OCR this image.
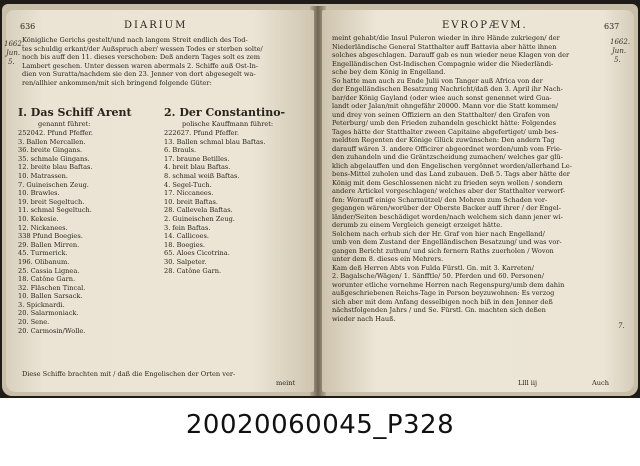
636	DIARIUM
Königliche Gerichs gestelt/und nach langem Streit endlich des Tod-
tes schuldig erkant/der Außspruch aber/ wessen Todes er sterben solte/
noch bis auff den 11. dieses verschoben: Deß andern Tages solt es zem
Lambert geschen. Unter dessen waren abermals 2. Schiffe auß Ost-In-
dien von Suratta/nachdem sie den 23. Jenner von dort abgesegelt wa-
ren/allhier ankommen/mit sich bringend folgende Güter:
I. Das Schiff Arent	2. Der Constantino-
genannt führet:	polische Kauffmann führet:
252042. Pfund Pfeffer.
3. Ballen Mercallen.
36. breite Gingans.
35. schmale Gingans.
12. breite blau Baftas.
10. Matrassen.
7. Guineischen Zeug.
10. Brawles.
19. breit Segeltuch.
11. schmal Segeltuch.
10. Kekesie.
12. Nickanees.
338 Pfund Boegies.
29. Ballen Mirren.
45. Turmerick.
196. Olibanum.
25. Cassia Lignea.
18. Catône Garn.
32. Fläschen Tincal.
10. Ballen Sarsack.
3. Spicknardi.
20. Salarmoniack.
20. Sene.
20. Carmosin/Wolle.
222627. Pfund Pfeffer.
13. Ballen schmal blau Baftas.
6. Brauls.
17. braune Betilles.
4. breit blau Baftas.
8. schmal weiß Baftas.
4. Segel-Tuch.
17. Niccanees.
10. breit Baftas.
28. Callevela Baftas.
2. Guineischen Zeug.
3. fein Baftas.
14. Callicoes.
18. Boegies.
65. Aloes Cicotrina.
30. Salpeter.
28. Catône Garn.
Diese Schiffe brachten mit / daß die Engelischen der Orten ver-
meint
EVROPÆVM.	637
meint gehabt/die Insul Puleron wieder in ihre Hände zukriegen/ der
Niederländische General Statthalter auff Battavia aber hätte ihnen
solches abgeschlagen. Darauff gab es nun wieder neue Klagen von der
Engelländischen Ost-Indischen Compagnie wider die Niederländi-
sche bey dem König in Engelland.
So hatte man auch zu Ende Julii von Tanger auß Africa von der
der Engelländischen Besatzung Nachricht/daß den 3. April ihr Nach-
bar/der König Gayland (oder wiee auch sonst genennet wird Gua-
landt oder Jalan/mit ohngefähr 20000. Mann vor die Statt kommen/
und drey von seinen Offiziern an den Statthalter/ den Grafen von
Peterburg/ umb den Frieden zuhandeln geschickt hätte: Folgendes
Tages hätte der Statthalter zween Capitaine abgefertiget/ umb bes-
meldten Regenten der Könige Glück zuwünschen: Den andern Tag
darauff wären 3. andere Officirer abgeordnet worden/umb vom Frie-
den zuhandeln und die Gräntzscheidung zumachen/ welches gar glü-
klich abgelauffen und den Engelischen vergönnet worden/allerhand Le-
bens-Mittel zuholen und das Land zubauen. Deß 5. Tags aber hätte der
König mit dem Geschlossenen nicht zu frieden seyn wollen / sondern
andere Artickel vorgeschlagen/ welches aber der Statthalter verworf-
fen: Worauff einige Scharmützel/ den Mohren zum Schaden vor-
gegangen wären/worüber der Oberste Backer auff ihrer / der Engel-
länder/Seiten beschädiget worden/nach welchem sich dann jener wi-
derumb zu einem Vergleich geneigt erzeiget hätte.
Solchem nach erhub sich der Hr. Graf von hier nach Engelland/
umb von dem Zustand der Engelländischen Besatzung/ und was vor-
gangen Bericht zuthun/ und sich fernern Raths zuerholen / Wovon
unter dem 8. dieses ein Mehrers.
Kam deß Herren Abts von Fulda Fürstl. Gn. mit 3. Karreten/
2. Bagalsche/Wägen/ 1. Sänfftle/ 50. Pferden und 60. Personen/
worunter etliche vornehme Herren nach Regenspurg/umb dem dahin
außgeschriebenen Reichs-Tage in Person beyzuwohnen: Es verzog
sich aber mit dem Anfang desselbigen noch biß in den Jenner deß
nächstfolgenden Jahrs / und Se. Fürstl. Gn. machten sich deßen
wieder nach Hauß.
Llll iij	Auch
1662.
Jun.
5.
7.
1662.
Jun.
5.
20020060045_P328
